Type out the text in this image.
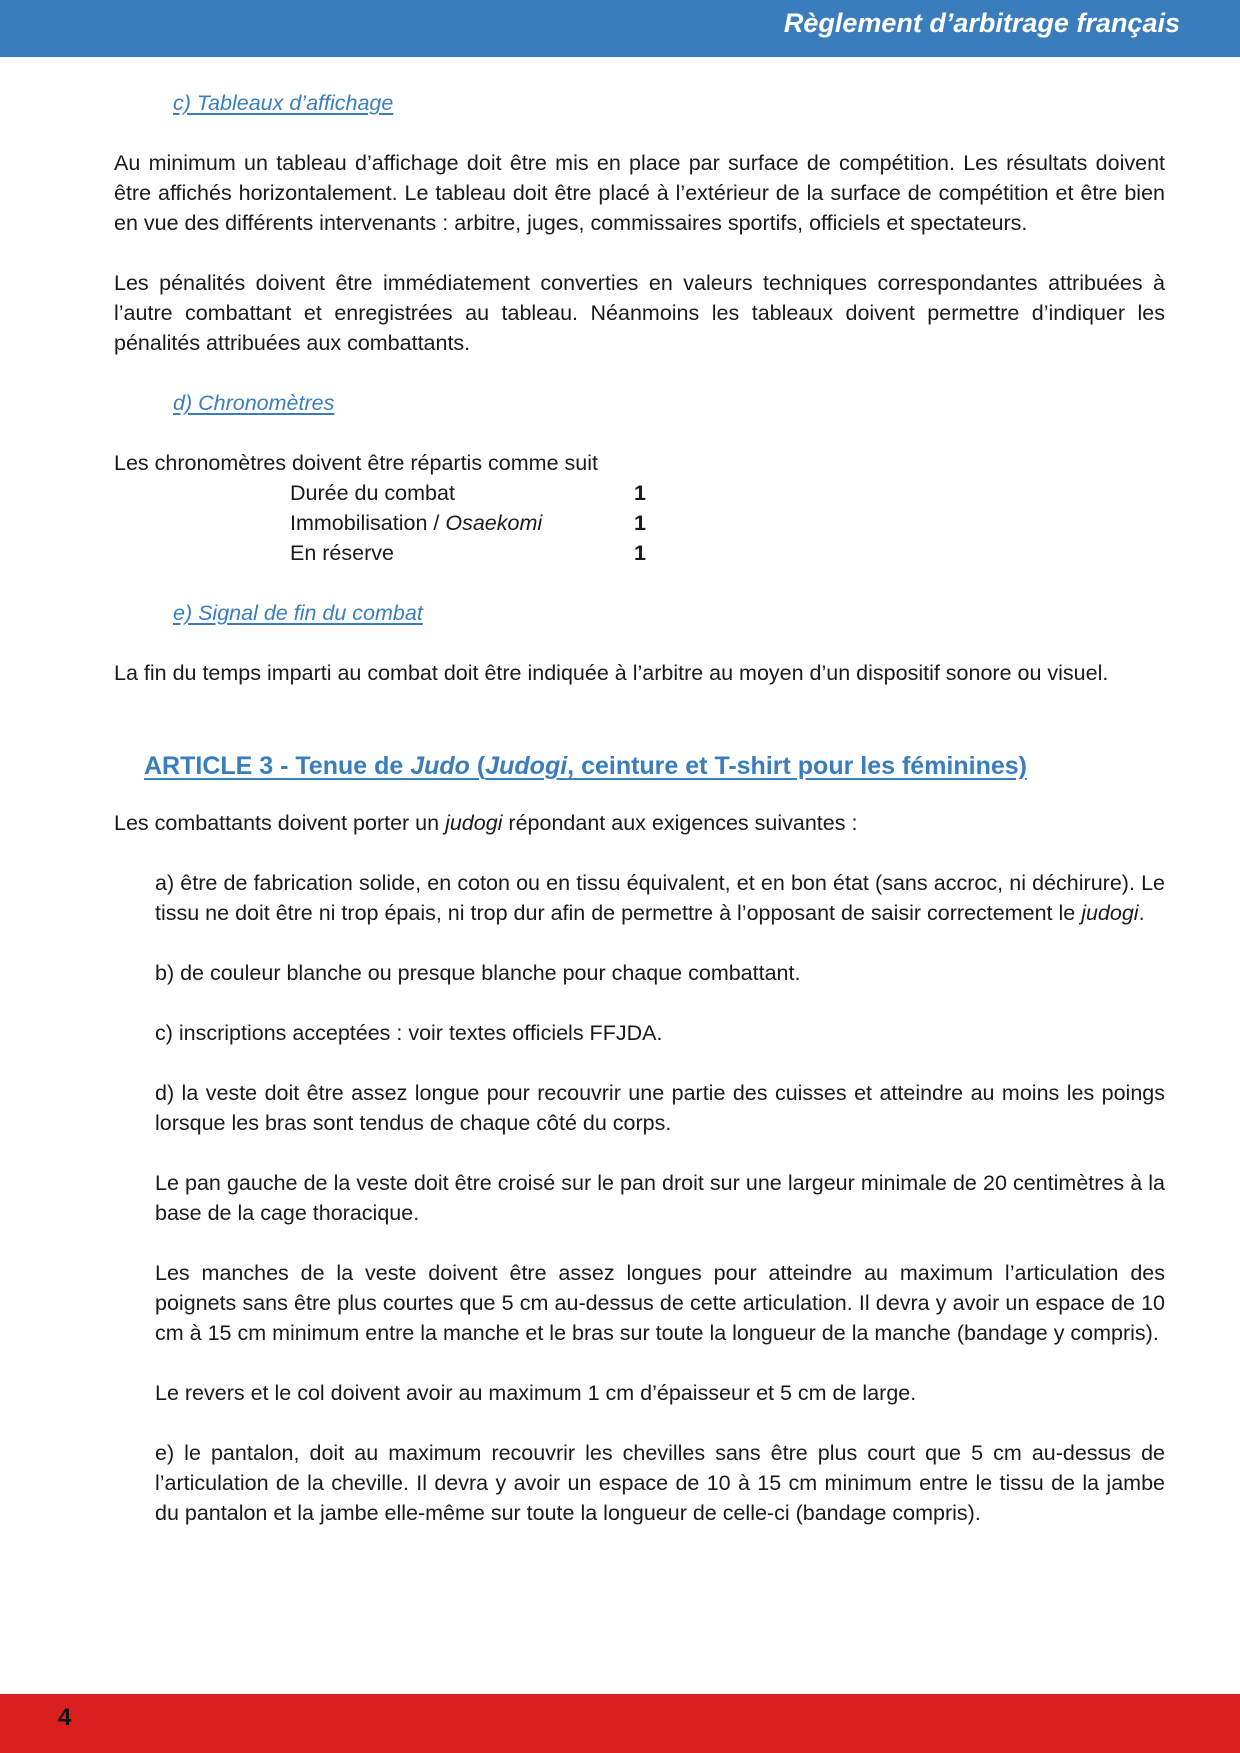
Règlement d’arbitrage français
c) Tableaux d’affichage

Au minimum un tableau d’affichage doit être mis en place par surface de compétition. Les résultats doivent être affichés horizontalement. Le tableau doit être placé à l’extérieur de la surface de compétition et être bien en vue des différents intervenants : arbitre, juges, commissaires sportifs, officiels et spectateurs.

Les pénalités doivent être immédiatement converties en valeurs techniques correspondantes attribuées à l’autre combattant et enregistrées au tableau. Néanmoins les tableaux doivent permettre d’indiquer les pénalités attribuées aux combattants.

d) Chronomètres

Les chronomètres doivent être répartis comme suit

Durée du combat	1
Immobilisation / Osaekomi	1
En réserve	1
e) Signal de fin du combat

La fin du temps imparti au combat doit être indiquée à l’arbitre au moyen d’un dispositif sonore ou visuel.

ARTICLE 3 - Tenue de Judo (Judogi, ceinture et T-shirt pour les féminines)

Les combattants doivent porter un judogi répondant aux exigences suivantes :

a) être de fabrication solide, en coton ou en tissu équivalent, et en bon état (sans accroc, ni déchirure). Le tissu ne doit être ni trop épais, ni trop dur afin de permettre à l’opposant de saisir correctement le judogi.

b) de couleur blanche ou presque blanche pour chaque combattant.

c) inscriptions acceptées : voir textes officiels FFJDA.

d) la veste doit être assez longue pour recouvrir une partie des cuisses et atteindre au moins les poings lorsque les bras sont tendus de chaque côté du corps.

Le pan gauche de la veste doit être croisé sur le pan droit sur une largeur minimale de 20 centimètres à la base de la cage thoracique.

Les manches de la veste doivent être assez longues pour atteindre au maximum l’articulation des poignets sans être plus courtes que 5 cm au-dessus de cette articulation. Il devra y avoir un espace de 10 cm à 15 cm minimum entre la manche et le bras sur toute la longueur de la manche (bandage y compris).

Le revers et le col doivent avoir au maximum 1 cm d’épaisseur et 5 cm de large.

e) le pantalon, doit au maximum recouvrir les chevilles sans être plus court que 5 cm au-dessus de l’articulation de la cheville. Il devra y avoir un espace de 10 à 15 cm minimum entre le tissu de la jambe du pantalon et la jambe elle-même sur toute la longueur de celle-ci (bandage compris).

4
